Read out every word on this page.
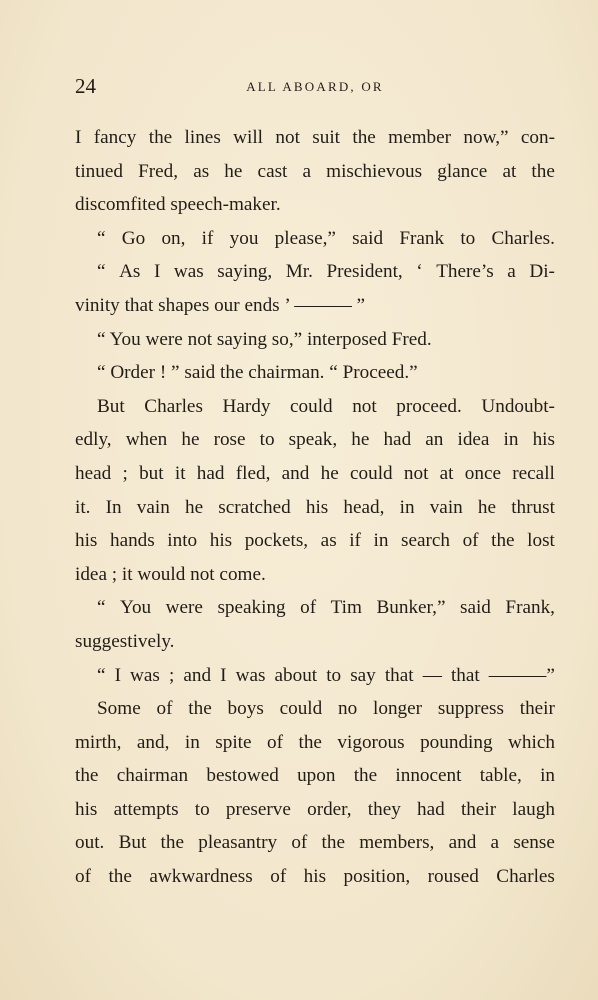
24	ALL ABOARD, OR
I fancy the lines will not suit the member now,” con-
tinued Fred, as he cast a mischievous glance at the
discomfited speech-maker.
“ Go on, if you please,” said Frank to Charles.
“ As I was saying, Mr. President, ‘ There’s a Di-
vinity that shapes our ends ’ ——— ”
“ You were not saying so,” interposed Fred.
“ Order ! ” said the chairman. “ Proceed.”
But Charles Hardy could not proceed. Undoubt-
edly, when he rose to speak, he had an idea in his
head ; but it had fled, and he could not at once recall
it. In vain he scratched his head, in vain he thrust
his hands into his pockets, as if in search of the lost
idea ; it would not come.
“ You were speaking of Tim Bunker,” said Frank,
suggestively.
“ I was ; and I was about to say that — that ———”
Some of the boys could no longer suppress their
mirth, and, in spite of the vigorous pounding which
the chairman bestowed upon the innocent table, in
his attempts to preserve order, they had their laugh
out. But the pleasantry of the members, and a sense
of the awkwardness of his position, roused Charles
